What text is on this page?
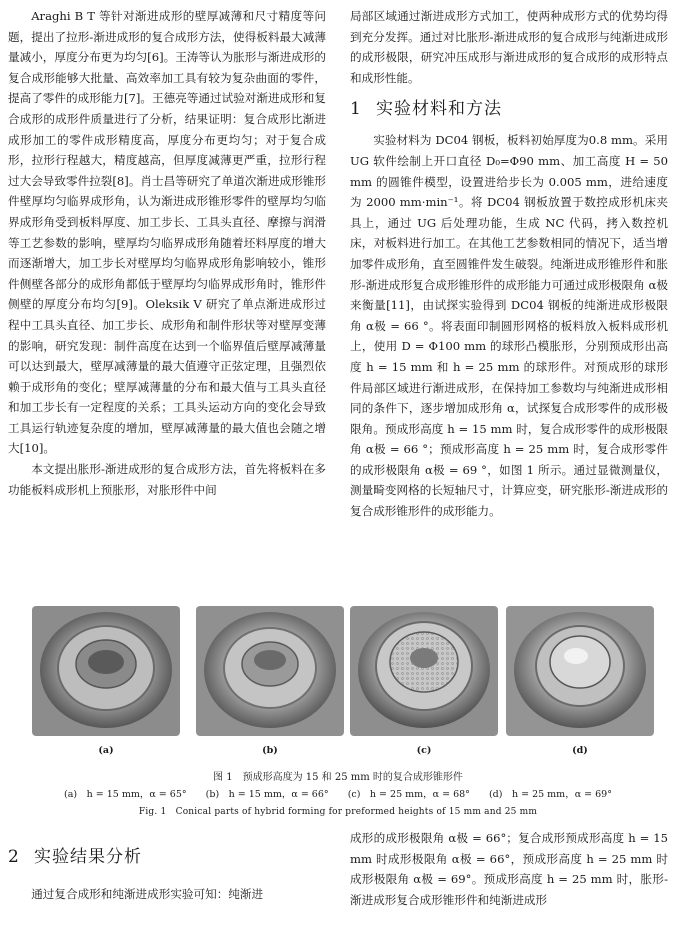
Araghi B T 等针对渐进成形的壁厚减薄和尺寸精度等问题，提出了拉形-渐进成形的复合成形方法，使得板料最大减薄量减小，厚度分布更为均匀[6]。王涛等认为胀形与渐进成形的复合成形能够大批量、高效率加工具有较为复杂曲面的零件，提高了零件的成形能力[7]。王德亮等通过试验对渐进成形和复合成形的成形件质量进行了分析，结果证明：复合成形比渐进成形加工的零件成形精度高，厚度分布更均匀；对于复合成形，拉形行程越大，精度越高，但厚度减薄更严重，拉形行程过大会导致零件拉裂[8]。肖士昌等研究了单道次渐进成形锥形件壁厚均匀临界成形角，认为渐进成形锥形零件的壁厚均匀临界成形角受到板料厚度、加工步长、工具头直径、摩擦与润滑等工艺参数的影响，壁厚均匀临界成形角随着坯料厚度的增大而逐渐增大，加工步长对壁厚均匀临界成形角影响较小，锥形件侧壁各部分的成形角都低于壁厚均匀临界成形角时，锥形件侧壁的厚度分布均匀[9]。Oleksik V 研究了单点渐进成形过程中工具头直径、加工步长、成形角和制件形状等对壁厚变薄的影响，研究发现：制件高度在达到一个临界值后壁厚减薄量可以达到最大，壁厚减薄量的最大值遵守正弦定理，且强烈依赖于成形角的变化；壁厚减薄量的分布和最大值与工具头直径和加工步长有一定程度的关系；工具头运动方向的变化会导致工具运行轨迹复杂度的增加，壁厚减薄量的最大值也会随之增大[10]。

本文提出胀形-渐进成形的复合成形方法，首先将板料在多功能板料成形机上预胀形，对胀形件中间

局部区域通过渐进成形方式加工，使两种成形方式的优势均得到充分发挥。通过对比胀形-渐进成形的复合成形与纯渐进成形的成形极限，研究冲压成形与渐进成形的复合成形的成形特点和成形性能。

1 实验材料和方法

实验材料为 DC04 钢板，板料初始厚度为0.8 mm。采用 UG 软件绘制上开口直径 D₀=Φ90 mm、加工高度 H = 50 mm 的圆锥件模型，设置进给步长为 0.005 mm，进给速度为 2000 mm·min⁻¹。将 DC04 钢板放置于数控成形机床夹具上，通过 UG 后处理功能，生成 NC 代码，拷入数控机床，对板料进行加工。在其他工艺参数相同的情况下，适当增加零件成形角，直至圆锥件发生破裂。纯渐进成形锥形件和胀形-渐进成形复合成形锥形件的成形能力可通过成形极限角 α极 来衡量[11]，由试探实验得到 DC04 钢板的纯渐进成形极限角 α极 = 66 °。将表面印制圆形网格的板料放入板料成形机上，使用 D = Φ100 mm 的球形凸模胀形，分别预成形出高度 h = 15 mm 和 h = 25 mm 的球形件。对预成形的球形件局部区域进行渐进成形，在保持加工参数均与纯渐进成形相同的条件下，逐步增加成形角 α，试探复合成形零件的成形极限角。预成形高度 h = 15 mm 时，复合成形零件的成形极限角 α极 = 66 °；预成形高度 h = 25 mm 时，复合成形零件的成形极限角 α极 = 69 °，如图 1 所示。通过显微测量仪，测量畸变网格的长短轴尺寸，计算应变，研究胀形-渐进成形的复合成形锥形件的成形能力。

(a)	(b)	(c)	(d)
图 1　预成形高度为 15 和 25 mm 时的复合成形锥形件
(a)　h = 15 mm，α = 65° (b)　h = 15 mm，α = 66° (c)　h = 25 mm，α = 68° (d)　h = 25 mm，α = 69°
Fig. 1　Conical parts of hybrid forming for preformed heights of 15 mm and 25 mm

2 实验结果分析

通过复合成形和纯渐进成形实验可知：纯渐进

成形的成形极限角 α极 = 66°；复合成形预成形高度 h = 15 mm 时成形极限角 α极 = 66°，预成形高度 h = 25 mm 时成形极限角 α极 = 69°。预成形高度 h = 25 mm 时，胀形-渐进成形复合成形锥形件和纯渐进成形
